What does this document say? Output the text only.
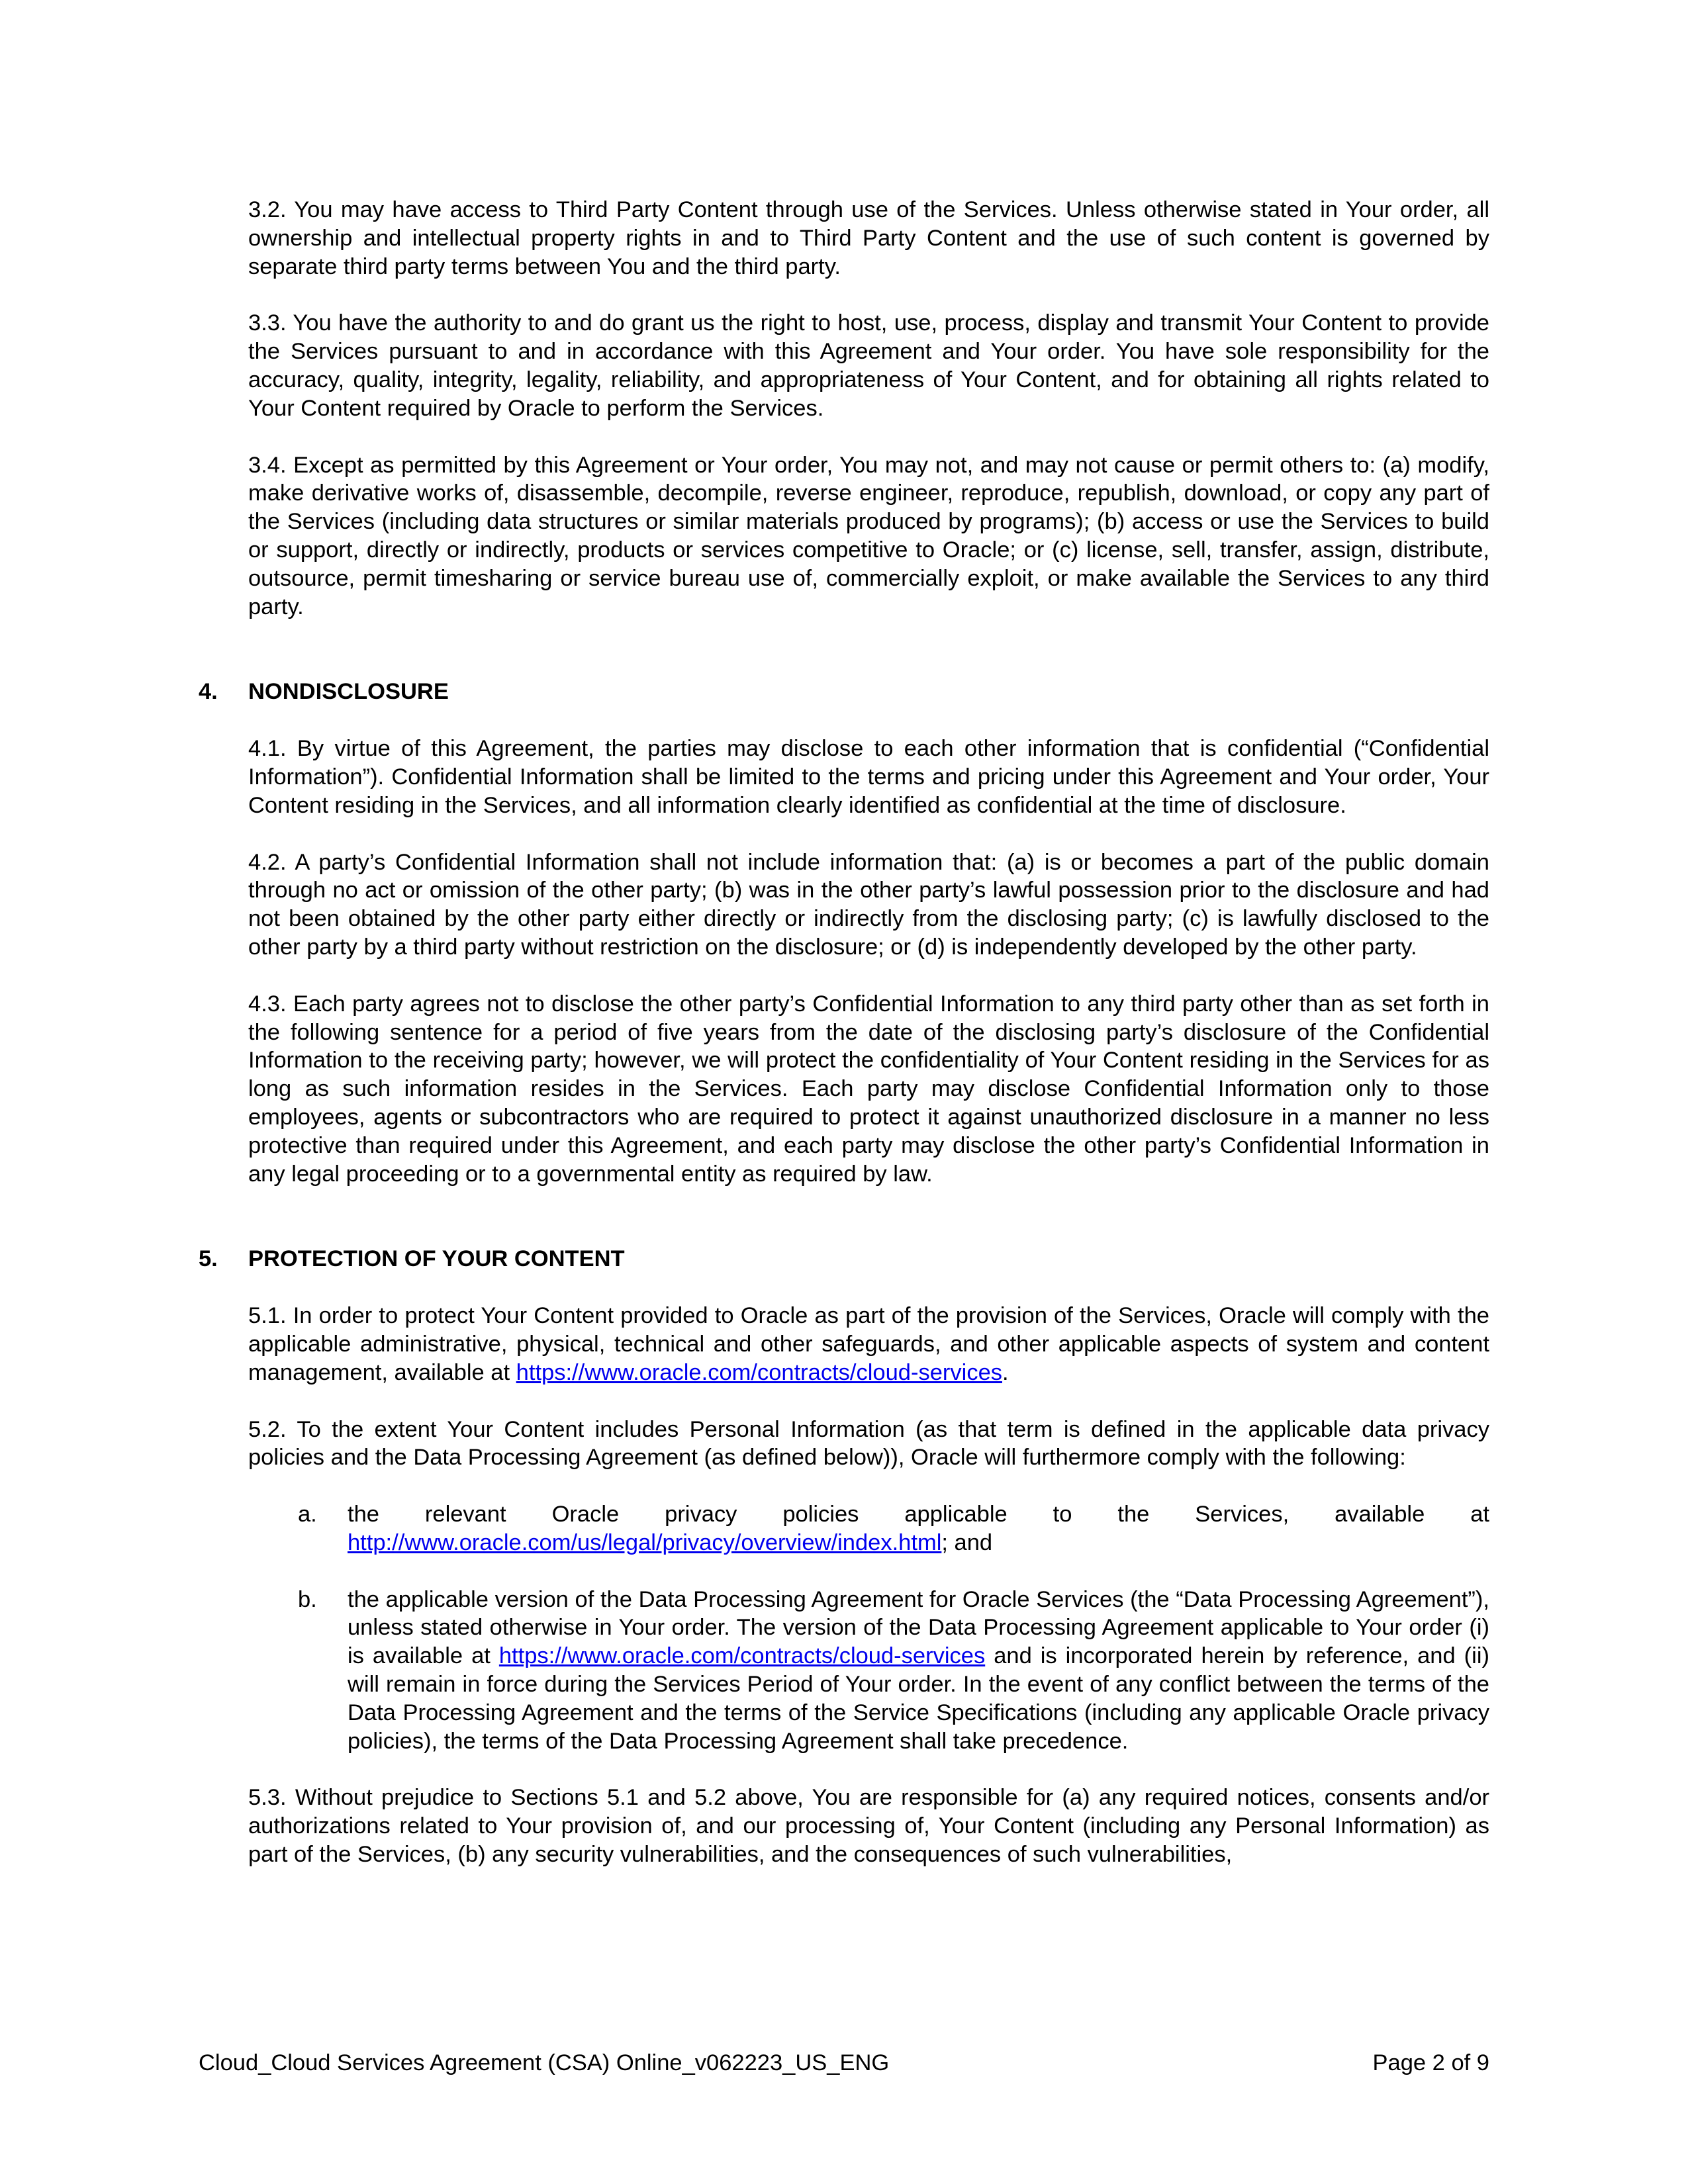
3.2. You may have access to Third Party Content through use of the Services. Unless otherwise stated in Your order, all ownership and intellectual property rights in and to Third Party Content and the use of such content is governed by separate third party terms between You and the third party.
3.3. You have the authority to and do grant us the right to host, use, process, display and transmit Your Content to provide the Services pursuant to and in accordance with this Agreement and Your order. You have sole responsibility for the accuracy, quality, integrity, legality, reliability, and appropriateness of Your Content, and for obtaining all rights related to Your Content required by Oracle to perform the Services.
3.4. Except as permitted by this Agreement or Your order, You may not, and may not cause or permit others to: (a) modify, make derivative works of, disassemble, decompile, reverse engineer, reproduce, republish, download, or copy any part of the Services (including data structures or similar materials produced by programs); (b) access or use the Services to build or support, directly or indirectly, products or services competitive to Oracle; or (c) license, sell, transfer, assign, distribute, outsource, permit timesharing or service bureau use of, commercially exploit, or make available the Services to any third party.
4.	NONDISCLOSURE
4.1. By virtue of this Agreement, the parties may disclose to each other information that is confidential (“Confidential Information”). Confidential Information shall be limited to the terms and pricing under this Agreement and Your order, Your Content residing in the Services, and all information clearly identified as confidential at the time of disclosure.
4.2. A party’s Confidential Information shall not include information that: (a) is or becomes a part of the public domain through no act or omission of the other party; (b) was in the other party’s lawful possession prior to the disclosure and had not been obtained by the other party either directly or indirectly from the disclosing party; (c) is lawfully disclosed to the other party by a third party without restriction on the disclosure; or (d) is independently developed by the other party.
4.3. Each party agrees not to disclose the other party’s Confidential Information to any third party other than as set forth in the following sentence for a period of five years from the date of the disclosing party’s disclosure of the Confidential Information to the receiving party; however, we will protect the confidentiality of Your Content residing in the Services for as long as such information resides in the Services. Each party may disclose Confidential Information only to those employees, agents or subcontractors who are required to protect it against unauthorized disclosure in a manner no less protective than required under this Agreement, and each party may disclose the other party’s Confidential Information in any legal proceeding or to a governmental entity as required by law.
5.	PROTECTION OF YOUR CONTENT
5.1. In order to protect Your Content provided to Oracle as part of the provision of the Services, Oracle will comply with the applicable administrative, physical, technical and other safeguards, and other applicable aspects of system and content management, available at https://www.oracle.com/contracts/cloud-services.
5.2. To the extent Your Content includes Personal Information (as that term is defined in the applicable data privacy policies and the Data Processing Agreement (as defined below)), Oracle will furthermore comply with the following:
a.	the relevant Oracle privacy policies applicable to the Services, available at http://www.oracle.com/us/legal/privacy/overview/index.html; and
b.	the applicable version of the Data Processing Agreement for Oracle Services (the “Data Processing Agreement”), unless stated otherwise in Your order. The version of the Data Processing Agreement applicable to Your order (i) is available at https://www.oracle.com/contracts/cloud-services and is incorporated herein by reference, and (ii) will remain in force during the Services Period of Your order. In the event of any conflict between the terms of the Data Processing Agreement and the terms of the Service Specifications (including any applicable Oracle privacy policies), the terms of the Data Processing Agreement shall take precedence.
5.3. Without prejudice to Sections 5.1 and 5.2 above, You are responsible for (a) any required notices, consents and/or authorizations related to Your provision of, and our processing of, Your Content (including any Personal Information) as part of the Services, (b) any security vulnerabilities, and the consequences of such vulnerabilities,
Cloud_Cloud Services Agreement (CSA) Online_v062223_US_ENG	Page 2 of 9
